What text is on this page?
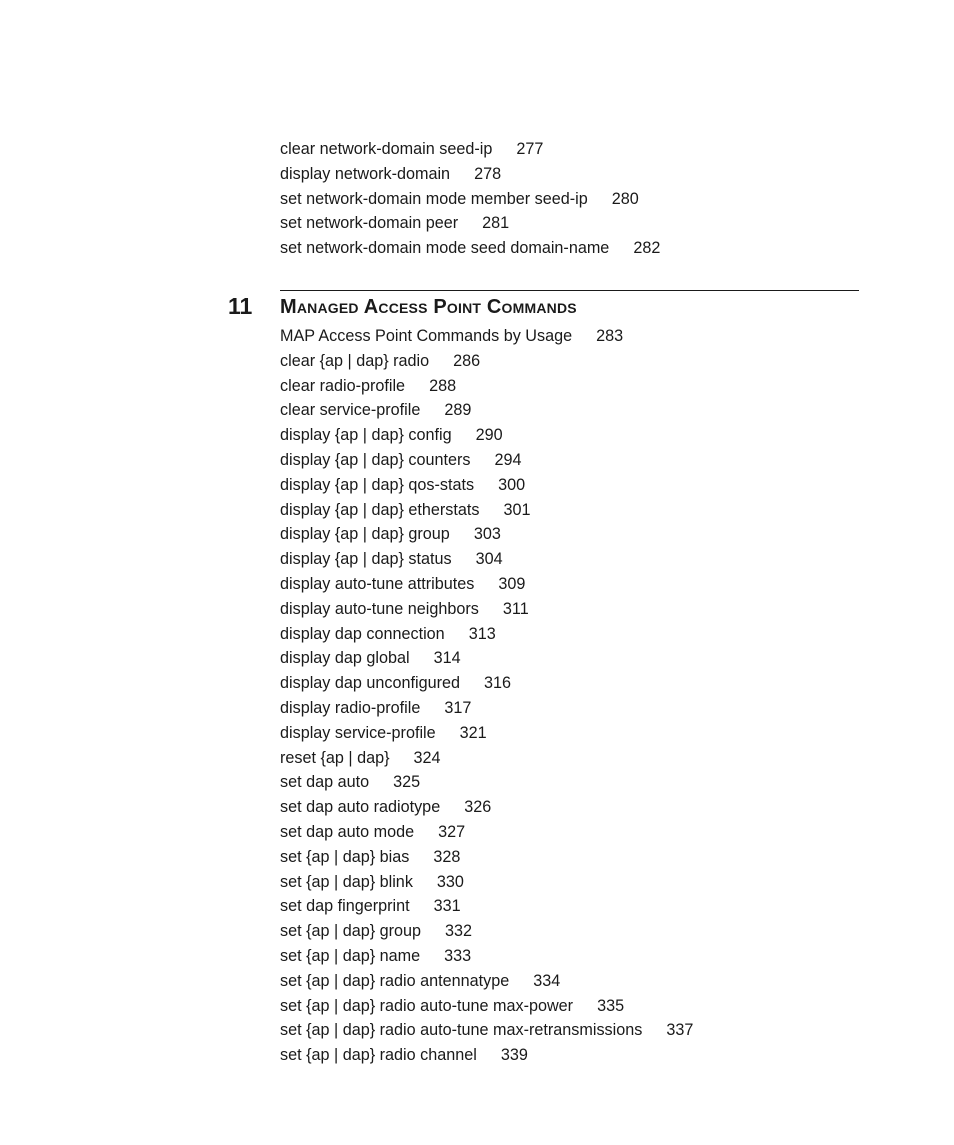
clear network-domain seed-ip 277
display network-domain 278
set network-domain mode member seed-ip 280
set network-domain peer 281
set network-domain mode seed domain-name 282
11 Managed Access Point Commands
MAP Access Point Commands by Usage 283
clear {ap | dap} radio 286
clear radio-profile 288
clear service-profile 289
display {ap | dap} config 290
display {ap | dap} counters 294
display {ap | dap} qos-stats 300
display {ap | dap} etherstats 301
display {ap | dap} group 303
display {ap | dap} status 304
display auto-tune attributes 309
display auto-tune neighbors 311
display dap connection 313
display dap global 314
display dap unconfigured 316
display radio-profile 317
display service-profile 321
reset {ap | dap} 324
set dap auto 325
set dap auto radiotype 326
set dap auto mode 327
set {ap | dap} bias 328
set {ap | dap} blink 330
set dap fingerprint 331
set {ap | dap} group 332
set {ap | dap} name 333
set {ap | dap} radio antennatype 334
set {ap | dap} radio auto-tune max-power 335
set {ap | dap} radio auto-tune max-retransmissions 337
set {ap | dap} radio channel 339
